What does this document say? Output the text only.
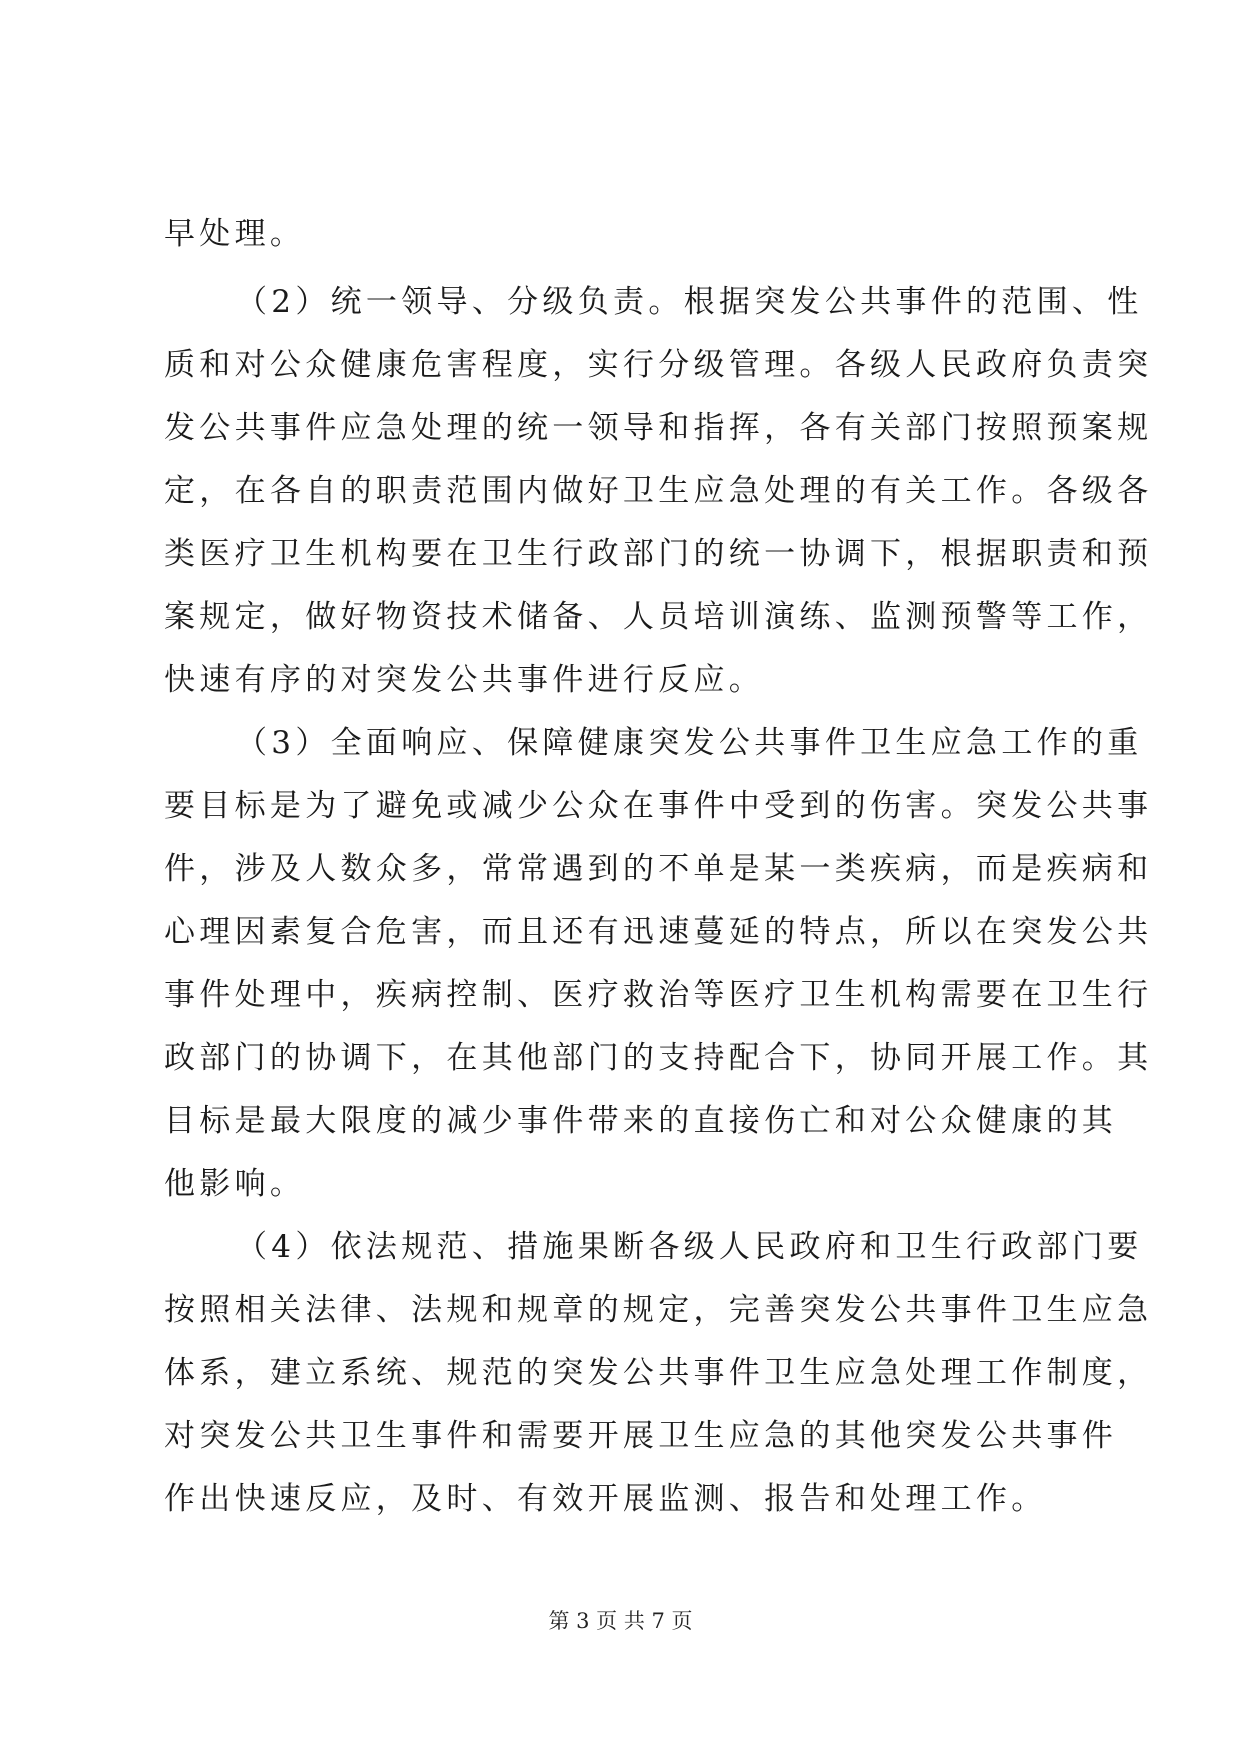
早处理。
（2）统一领导、分级负责。根据突发公共事件的范围、性
质和对公众健康危害程度，实行分级管理。各级人民政府负责突
发公共事件应急处理的统一领导和指挥，各有关部门按照预案规
定，在各自的职责范围内做好卫生应急处理的有关工作。各级各
类医疗卫生机构要在卫生行政部门的统一协调下，根据职责和预
案规定，做好物资技术储备、人员培训演练、监测预警等工作，
快速有序的对突发公共事件进行反应。
（3）全面响应、保障健康突发公共事件卫生应急工作的重
要目标是为了避免或减少公众在事件中受到的伤害。突发公共事
件，涉及人数众多，常常遇到的不单是某一类疾病，而是疾病和
心理因素复合危害，而且还有迅速蔓延的特点，所以在突发公共
事件处理中，疾病控制、医疗救治等医疗卫生机构需要在卫生行
政部门的协调下，在其他部门的支持配合下，协同开展工作。其
目标是最大限度的减少事件带来的直接伤亡和对公众健康的其
他影响。
（4）依法规范、措施果断各级人民政府和卫生行政部门要
按照相关法律、法规和规章的规定，完善突发公共事件卫生应急
体系，建立系统、规范的突发公共事件卫生应急处理工作制度，
对突发公共卫生事件和需要开展卫生应急的其他突发公共事件
作出快速反应，及时、有效开展监测、报告和处理工作。
第 3 页 共 7 页
